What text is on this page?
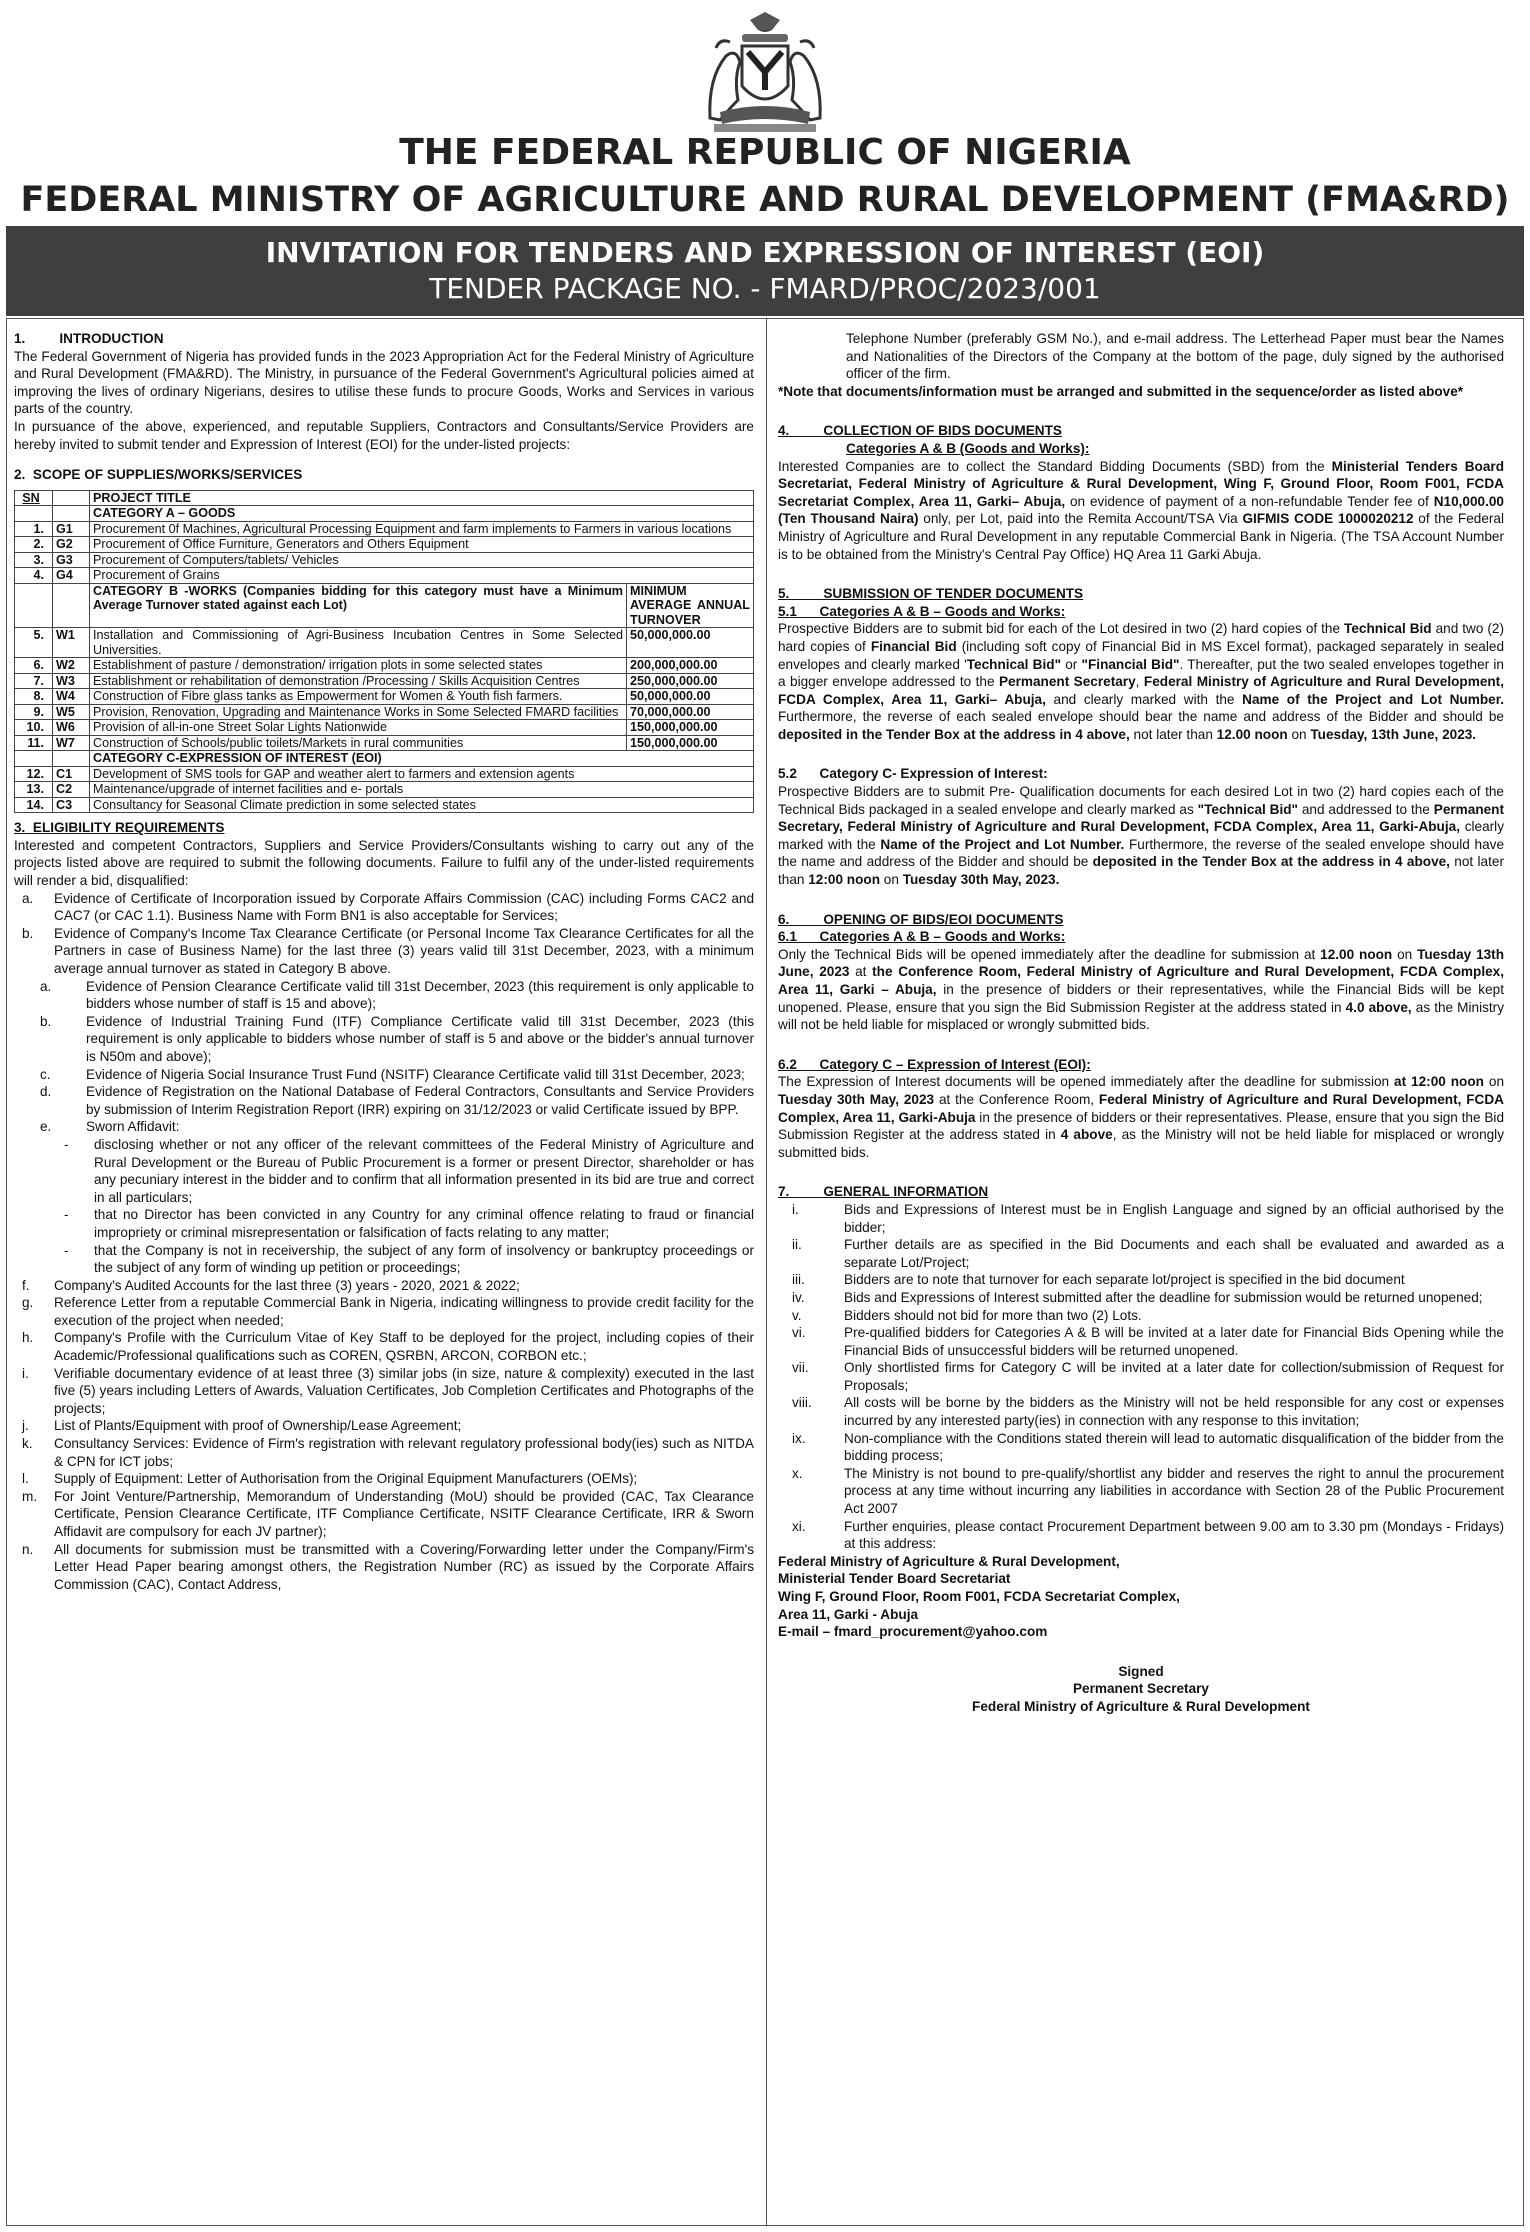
THE FEDERAL REPUBLIC OF NIGERIA
FEDERAL MINISTRY OF AGRICULTURE AND RURAL DEVELOPMENT (FMA&RD)
INVITATION FOR TENDERS AND EXPRESSION OF INTEREST (EOI)
TENDER PACKAGE NO. - FMARD/PROC/2023/001

1.         INTRODUCTION

The Federal Government of Nigeria has provided funds in the 2023 Appropriation Act for the Federal Ministry of Agriculture and Rural Development (FMA&RD). The Ministry, in pursuance of the Federal Government's Agricultural policies aimed at improving the lives of ordinary Nigerians, desires to utilise these funds to procure Goods, Works and Services in various parts of the country.

In pursuance of the above, experienced, and reputable Suppliers, Contractors and Consultants/Service Providers are hereby invited to submit tender and Expression of Interest (EOI) for the under-listed projects:

2.  SCOPE OF SUPPLIES/WORKS/SERVICES

SN		PROJECT TITLE	
		CATEGORY A – GOODS	
1.	G1	Procurement 0f Machines, Agricultural Processing Equipment and farm implements to Farmers in various locations	
2.	G2	Procurement of Office Furniture, Generators and Others Equipment	
3.	G3	Procurement of Computers/tablets/ Vehicles	
4.	G4	Procurement of Grains	
		CATEGORY B -WORKS (Companies bidding for this category must have a Minimum Average Turnover stated against each Lot)	MINIMUM AVERAGE ANNUAL TURNOVER
5.	W1	Installation and Commissioning of Agri-Business Incubation Centres in Some Selected Universities.	50,000,000.00
6.	W2	Establishment of pasture / demonstration/ irrigation plots in some selected states	200,000,000.00
7.	W3	Establishment or rehabilitation of demonstration /Processing / Skills Acquisition Centres	250,000,000.00
8.	W4	Construction of Fibre glass tanks as Empowerment for Women & Youth fish farmers.	50,000,000.00
9.	W5	Provision, Renovation, Upgrading and Maintenance Works in Some Selected FMARD facilities	70,000,000.00
10.	W6	Provision of all-in-one Street Solar Lights Nationwide	150,000,000.00
11.	W7	Construction of Schools/public toilets/Markets in rural communities	150,000,000.00
		CATEGORY C-EXPRESSION OF INTEREST (EOI)	
12.	C1	Development of SMS tools for GAP and weather alert to farmers and extension agents	
13.	C2	Maintenance/upgrade of internet facilities and e- portals	
14.	C3	Consultancy for Seasonal Climate prediction in some selected states	

3.  ELIGIBILITY REQUIREMENTS

Interested and competent Contractors, Suppliers and Service Providers/Consultants wishing to carry out any of the projects listed above are required to submit the following documents. Failure to fulfil any of the under-listed requirements will render a bid, disqualified:

a.	Evidence of Certificate of Incorporation issued by Corporate Affairs Commission (CAC) including Forms CAC2 and CAC7 (or CAC 1.1). Business Name with Form BN1 is also acceptable for Services;
b.	Evidence of Company's Income Tax Clearance Certificate (or Personal Income Tax Clearance Certificates for all the Partners in case of Business Name) for the last three (3) years valid till 31st December, 2023, with a minimum average annual turnover as stated in Category B above.
a.	Evidence of Pension Clearance Certificate valid till 31st December, 2023 (this requirement is only applicable to bidders whose number of staff is 15 and above);
b.	Evidence of Industrial Training Fund (ITF) Compliance Certificate valid till 31st December, 2023 (this requirement is only applicable to bidders whose number of staff is 5 and above or the bidder's annual turnover is N50m and above);
c.	Evidence of Nigeria Social Insurance Trust Fund (NSITF) Clearance Certificate valid till 31st December, 2023;
d.	Evidence of Registration on the National Database of Federal Contractors, Consultants and Service Providers by submission of Interim Registration Report (IRR) expiring on 31/12/2023 or valid Certificate issued by BPP.
e.	Sworn Affidavit:
-	disclosing whether or not any officer of the relevant committees of the Federal Ministry of Agriculture and Rural Development or the Bureau of Public Procurement is a former or present Director, shareholder or has any pecuniary interest in the bidder and to confirm that all information presented in its bid are true and correct in all particulars;
-	that no Director has been convicted in any Country for any criminal offence relating to fraud or financial impropriety or criminal misrepresentation or falsification of facts relating to any matter;
-	that the Company is not in receivership, the subject of any form of insolvency or bankruptcy proceedings or the subject of any form of winding up petition or proceedings;
f.	Company's Audited Accounts for the last three (3) years - 2020, 2021 & 2022;
g.	Reference Letter from a reputable Commercial Bank in Nigeria, indicating willingness to provide credit facility for the execution of the project when needed;
h.	Company's Profile with the Curriculum Vitae of Key Staff to be deployed for the project, including copies of their Academic/Professional qualifications such as COREN, QSRBN, ARCON, CORBON etc.;
i.	Verifiable documentary evidence of at least three (3) similar jobs (in size, nature & complexity) executed in the last five (5) years including Letters of Awards, Valuation Certificates, Job Completion Certificates and Photographs of the projects;
j.	List of Plants/Equipment with proof of Ownership/Lease Agreement;
k.	Consultancy Services: Evidence of Firm's registration with relevant regulatory professional body(ies) such as NITDA & CPN for ICT jobs;
l.	Supply of Equipment: Letter of Authorisation from the Original Equipment Manufacturers (OEMs);
m.	For Joint Venture/Partnership, Memorandum of Understanding (MoU) should be provided (CAC, Tax Clearance Certificate, Pension Clearance Certificate, ITF Compliance Certificate, NSITF Clearance Certificate, IRR & Sworn Affidavit are compulsory for each JV partner);
n.	All documents for submission must be transmitted with a Covering/Forwarding letter under the Company/Firm's Letter Head Paper bearing amongst others, the Registration Number (RC) as issued by the Corporate Affairs Commission (CAC), Contact Address,

Telephone Number (preferably GSM No.), and e-mail address. The Letterhead Paper must bear the Names and Nationalities of the Directors of the Company at the bottom of the page, duly signed by the authorised officer of the firm.

*Note that documents/information must be arranged and submitted in the sequence/order as listed above*

4.         COLLECTION OF BIDS DOCUMENTS

Categories A & B (Goods and Works):

Interested Companies are to collect the Standard Bidding Documents (SBD) from the Ministerial Tenders Board Secretariat, Federal Ministry of Agriculture & Rural Development, Wing F, Ground Floor, Room F001, FCDA Secretariat Complex, Area 11, Garki– Abuja, on evidence of payment of a non-refundable Tender fee of N10,000.00 (Ten Thousand Naira) only, per Lot, paid into the Remita Account/TSA Via GIFMIS CODE 1000020212 of the Federal Ministry of Agriculture and Rural Development in any reputable Commercial Bank in Nigeria. (The TSA Account Number is to be obtained from the Ministry's Central Pay Office) HQ Area 11 Garki Abuja.

5.         SUBMISSION OF TENDER DOCUMENTS

5.1      Categories A & B – Goods and Works:

Prospective Bidders are to submit bid for each of the Lot desired in two (2) hard copies of the Technical Bid and two (2) hard copies of Financial Bid (including soft copy of Financial Bid in MS Excel format), packaged separately in sealed envelopes and clearly marked 'Technical Bid" or "Financial Bid". Thereafter, put the two sealed envelopes together in a bigger envelope addressed to the Permanent Secretary, Federal Ministry of Agriculture and Rural Development, FCDA Complex, Area 11, Garki– Abuja, and clearly marked with the Name of the Project and Lot Number. Furthermore, the reverse of each sealed envelope should bear the name and address of the Bidder and should be deposited in the Tender Box at the address in 4 above, not later than 12.00 noon on Tuesday, 13th June, 2023.

5.2      Category C- Expression of Interest:

Prospective Bidders are to submit Pre- Qualification documents for each desired Lot in two (2) hard copies each of the Technical Bids packaged in a sealed envelope and clearly marked as "Technical Bid" and addressed to the Permanent Secretary, Federal Ministry of Agriculture and Rural Development, FCDA Complex, Area 11, Garki-Abuja, clearly marked with the Name of the Project and Lot Number. Furthermore, the reverse of the sealed envelope should have the name and address of the Bidder and should be deposited in the Tender Box at the address in 4 above, not later than 12:00 noon on Tuesday 30th May, 2023.

6.         OPENING OF BIDS/EOI DOCUMENTS

6.1      Categories A & B – Goods and Works:

Only the Technical Bids will be opened immediately after the deadline for submission at 12.00 noon on Tuesday 13th June, 2023 at the Conference Room, Federal Ministry of Agriculture and Rural Development, FCDA Complex, Area 11, Garki – Abuja, in the presence of bidders or their representatives, while the Financial Bids will be kept unopened. Please, ensure that you sign the Bid Submission Register at the address stated in 4.0 above, as the Ministry will not be held liable for misplaced or wrongly submitted bids.

6.2      Category C – Expression of Interest (EOI):

The Expression of Interest documents will be opened immediately after the deadline for submission at 12:00 noon on Tuesday 30th May, 2023 at the Conference Room, Federal Ministry of Agriculture and Rural Development, FCDA Complex, Area 11, Garki-Abuja in the presence of bidders or their representatives. Please, ensure that you sign the Bid Submission Register at the address stated in 4 above, as the Ministry will not be held liable for misplaced or wrongly submitted bids.

7.         GENERAL INFORMATION

i.	Bids and Expressions of Interest must be in English Language and signed by an official authorised by the bidder;
ii.	Further details are as specified in the Bid Documents and each shall be evaluated and awarded as a separate Lot/Project;
iii.	Bidders are to note that turnover for each separate lot/project is specified in the bid document
iv.	Bids and Expressions of Interest submitted after the deadline for submission would be returned unopened;
v.	Bidders should not bid for more than two (2) Lots.
vi.	Pre-qualified bidders for Categories A & B will be invited at a later date for Financial Bids Opening while the Financial Bids of unsuccessful bidders will be returned unopened.
vii.	Only shortlisted firms for Category C will be invited at a later date for collection/submission of Request for Proposals;
viii.	All costs will be borne by the bidders as the Ministry will not be held responsible for any cost or expenses incurred by any interested party(ies) in connection with any response to this invitation;
ix.	Non-compliance with the Conditions stated therein will lead to automatic disqualification of the bidder from the bidding process;
x.	The Ministry is not bound to pre-qualify/shortlist any bidder and reserves the right to annul the procurement process at any time without incurring any liabilities in accordance with Section 28 of the Public Procurement Act 2007
xi.	Further enquiries, please contact Procurement Department between 9.00 am to 3.30 pm (Mondays - Fridays) at this address:

Federal Ministry of Agriculture & Rural Development,

Ministerial Tender Board Secretariat

Wing F, Ground Floor, Room F001, FCDA Secretariat Complex,

Area 11, Garki - Abuja

E-mail – fmard_procurement@yahoo.com

Signed

Permanent Secretary

Federal Ministry of Agriculture & Rural Development
